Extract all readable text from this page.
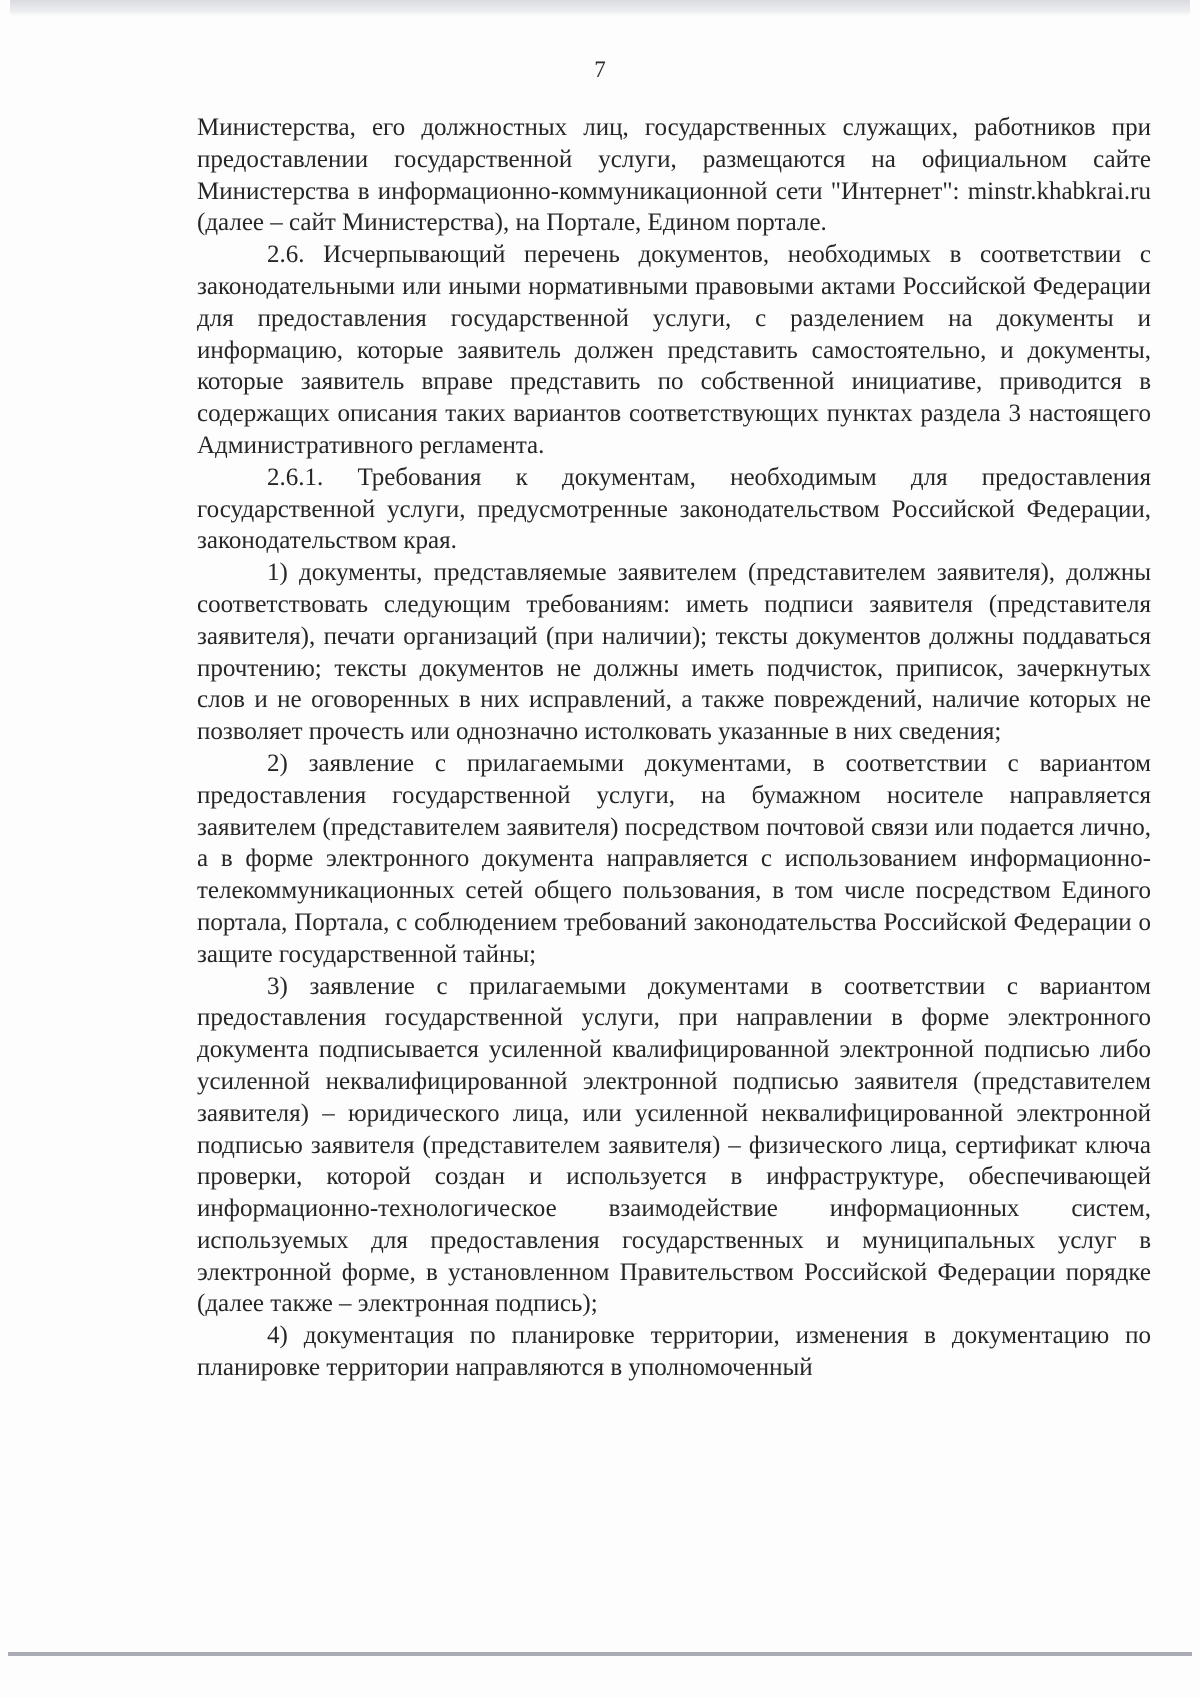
7

Министерства, его должностных лиц, государственных служащих, работников при предоставлении государственной услуги, размещаются на официальном сайте Министерства в информационно-коммуникационной сети "Интернет": minstr.khabkrai.ru (далее – сайт Министерства), на Портале, Едином портале.

2.6. Исчерпывающий перечень документов, необходимых в соответствии с законодательными или иными нормативными правовыми актами Российской Федерации для предоставления государственной услуги, с разделением на документы и информацию, которые заявитель должен представить самостоятельно, и документы, которые заявитель вправе представить по собственной инициативе, приводится в содержащих описания таких вариантов соответствующих пунктах раздела 3 настоящего Административного регламента.

2.6.1. Требования к документам, необходимым для предоставления государственной услуги, предусмотренные законодательством Российской Федерации, законодательством края.

1) документы, представляемые заявителем (представителем заявителя), должны соответствовать следующим требованиям: иметь подписи заявителя (представителя заявителя), печати организаций (при наличии); тексты документов должны поддаваться прочтению; тексты документов не должны иметь подчисток, приписок, зачеркнутых слов и не оговоренных в них исправлений, а также повреждений, наличие которых не позволяет прочесть или однозначно истолковать указанные в них сведения;

2) заявление с прилагаемыми документами, в соответствии с вариантом предоставления государственной услуги, на бумажном носителе направляется заявителем (представителем заявителя) посредством почтовой связи или подается лично, а в форме электронного документа направляется с использованием информационно-телекоммуникационных сетей общего пользования, в том числе посредством Единого портала, Портала, с соблюдением требований законодательства Российской Федерации о защите государственной тайны;

3) заявление с прилагаемыми документами в соответствии с вариантом предоставления государственной услуги, при направлении в форме электронного документа подписывается усиленной квалифицированной электронной подписью либо усиленной неквалифицированной электронной подписью заявителя (представителем заявителя) – юридического лица, или усиленной неквалифицированной электронной подписью заявителя (представителем заявителя) – физического лица, сертификат ключа проверки, которой создан и используется в инфраструктуре, обеспечивающей информационно-технологическое взаимодействие информационных систем, используемых для предоставления государственных и муниципальных услуг в электронной форме, в установленном Правительством Российской Федерации порядке (далее также – электронная подпись);

4) документация по планировке территории, изменения в документацию по планировке территории направляются в уполномоченный
